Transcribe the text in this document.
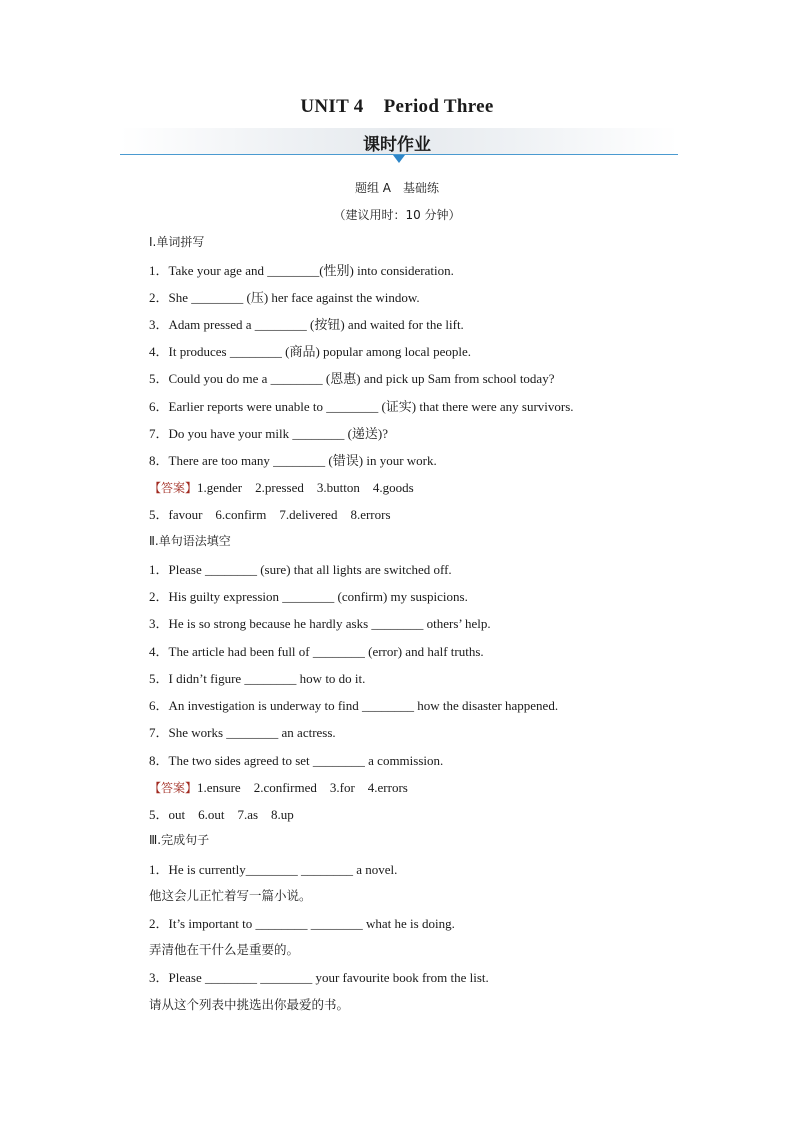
UNIT 4 Period Three
课时作业
题组 A　基础练
（建议用时：10 分钟）
Ⅰ.单词拼写
1．Take your age and ________(性别) into consideration.
2．She ________ (压) her face against the window.
3．Adam pressed a ________ (按钮) and waited for the lift.
4．It produces ________ (商品) popular among local people.
5．Could you do me a ________ (恩惠) and pick up Sam from school today?
6．Earlier reports were unable to ________ (证实) that there were any survivors.
7．Do you have your milk ________ (递送)?
8．There are too many ________ (错误) in your work.
【答案】1.gender　2.pressed　3.button　4.goods
5．favour　6.confirm　7.delivered　8.errors
Ⅱ.单句语法填空
1．Please ________ (sure) that all lights are switched off.
2．His guilty expression ________ (confirm) my suspicions.
3．He is so strong because he hardly asks ________ others’ help.
4．The article had been full of ________ (error) and half truths.
5．I didn’t figure ________ how to do it.
6．An investigation is underway to find ________ how the disaster happened.
7．She works ________ an actress.
8．The two sides agreed to set ________ a commission.
【答案】1.ensure　2.confirmed　3.for　4.errors
5．out　6.out　7.as　8.up
Ⅲ.完成句子
1．He is currently________ ________ a novel.
他这会儿正忙着写一篇小说。
2．It’s important to ________ ________ what he is doing.
弄清他在干什么是重要的。
3．Please ________ ________ your favourite book from the list.
请从这个列表中挑选出你最爱的书。
